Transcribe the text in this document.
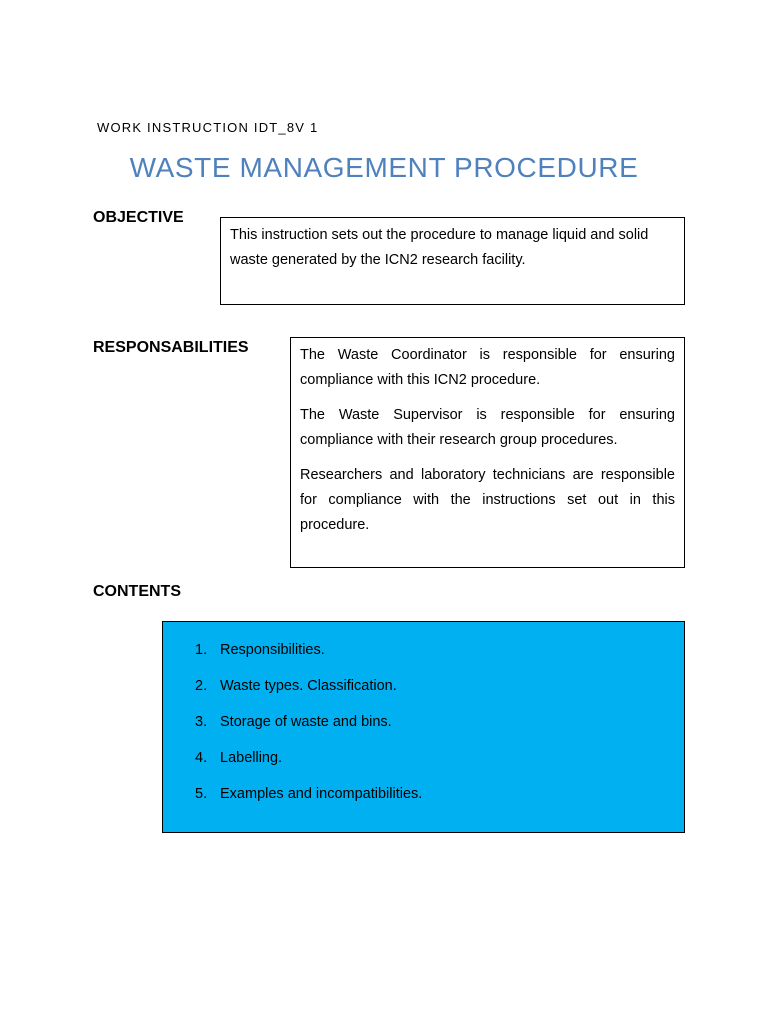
WORK INSTRUCTION IDT_8V 1
WASTE MANAGEMENT PROCEDURE
OBJECTIVE

This instruction sets out the procedure to manage liquid and solid waste generated by the ICN2 research facility.

RESPONSABILITIES	The Waste Coordinator is responsible for ensuring compliance with this ICN2 procedure.

The Waste Supervisor is responsible for ensuring compliance with their research group procedures.

Researchers and laboratory technicians are responsible for compliance with the instructions set out in this procedure.

CONTENTS
1. Responsibilities.
2. Waste types. Classification.
3. Storage of waste and bins.
4. Labelling.
5. Examples and incompatibilities.
